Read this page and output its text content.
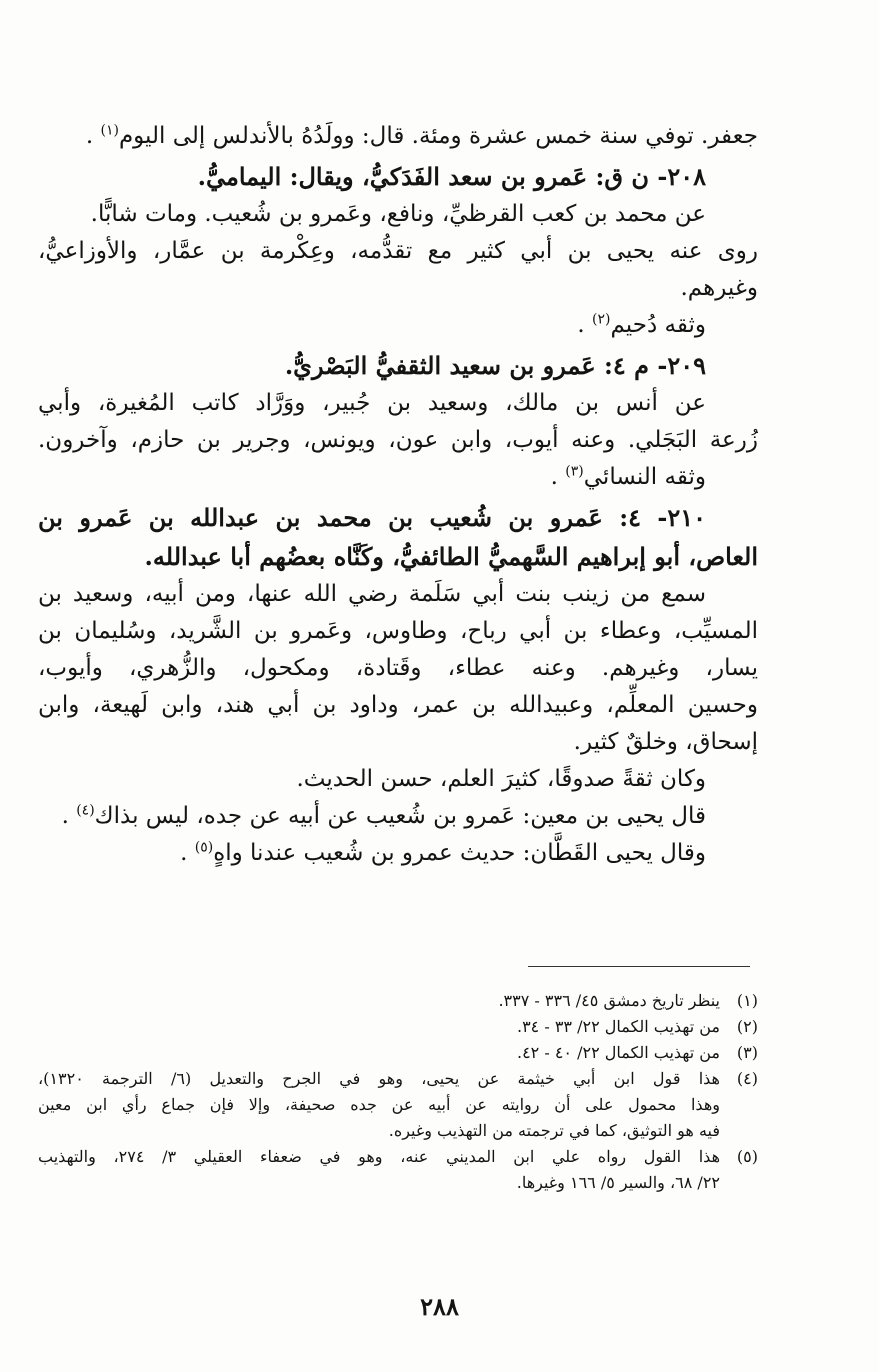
جعفر. توفي سنة خمس عشرة ومئة. قال: وولَدُهُ بالأندلس إلى اليوم$^{(١)}$ .
٢٠٨- ن ق: عَمرو بن سعد الفَدَكيُّ، ويقال: اليماميُّ.
عن محمد بن كعب القرظيِّ، ونافع، وعَمرو بن شُعيب. ومات شابًّا.
روى عنه يحيى بن أبي كثير مع تقدُّمه، وعِكْرمة بن عمَّار، والأوزاعيُّ،
وغيرهم.
وثقه دُحيم$^{(٢)}$ .
٢٠٩- م ٤: عَمرو بن سعيد الثقفيُّ البَصْريُّ.
عن أنس بن مالك، وسعيد بن جُبير، ووَرَّاد كاتب المُغيرة، وأبي
زُرعة البَجَلي. وعنه أيوب، وابن عون، ويونس، وجرير بن حازم، وآخرون.
وثقه النسائي$^{(٣)}$ .
٢١٠- ٤: عَمرو بن شُعيب بن محمد بن عبدالله بن عَمرو بن
العاص، أبو إبراهيم السَّهميُّ الطائفيُّ، وكَنَّاه بعضُهم أبا عبدالله.
سمع من زينب بنت أبي سَلَمة رضي الله عنها، ومن أبيه، وسعيد بن
المسيِّب، وعطاء بن أبي رباح، وطاوس، وعَمرو بن الشَّريد، وسُليمان بن
يسار، وغيرهم. وعنه عطاء، وقَتادة، ومكحول، والزُّهري، وأيوب،
وحسين المعلِّم، وعبيدالله بن عمر، وداود بن أبي هند، وابن لَهيعة، وابن
إسحاق، وخلقٌ كثير.
وكان ثقةً صدوقًا، كثيرَ العلم، حسن الحديث.
قال يحيى بن معين: عَمرو بن شُعيب عن أبيه عن جده، ليس بذاك$^{(٤)}$ .
وقال يحيى القَطَّان: حديث عمرو بن شُعيب عندنا واهٍ$^{(٥)}$ .
(١)
ينظر تاريخ دمشق ٤٥/ ٣٣٦ - ٣٣٧.
(٢)
من تهذيب الكمال ٢٢/ ٣٣ - ٣٤.
(٣)
من تهذيب الكمال ٢٢/ ٤٠ - ٤٢.
(٤)
هذا قول ابن أبي خيثمة عن يحيى، وهو في الجرح والتعديل (٦/ الترجمة ١٣٢٠)،
وهذا محمول على أن روايته عن أبيه عن جده صحيفة، وإلا فإن جماع رأي ابن معين
فيه هو التوثيق، كما في ترجمته من التهذيب وغيره.
(٥)
هذا القول رواه علي ابن المديني عنه، وهو في ضعفاء العقيلي ٣/ ٢٧٤، والتهذيب
٢٢/ ٦٨، والسير ٥/ ١٦٦ وغيرها.
٢٨٨
